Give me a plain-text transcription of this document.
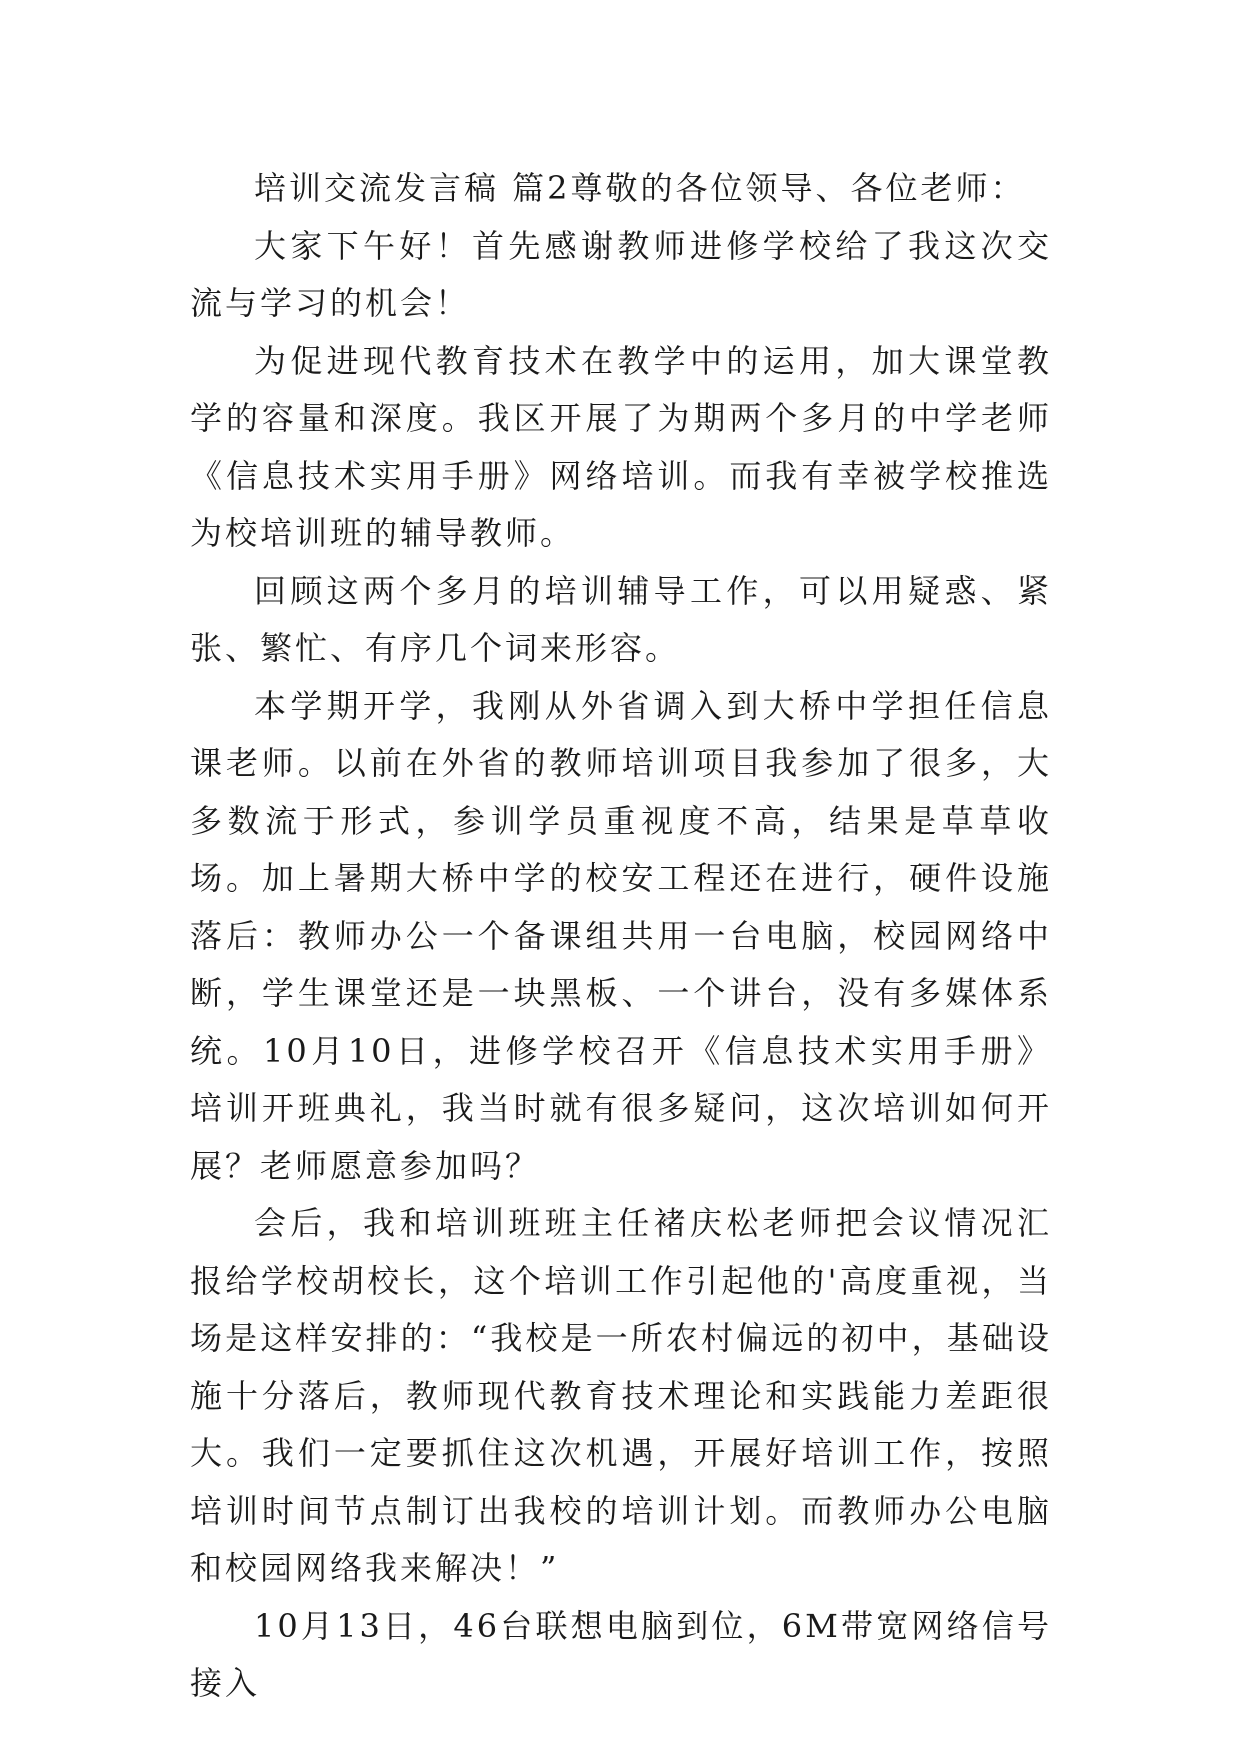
培训交流发言稿 篇2尊敬的各位领导、各位老师：

大家下午好！首先感谢教师进修学校给了我这次交流与学习的机会！

为促进现代教育技术在教学中的运用，加大课堂教学的容量和深度。我区开展了为期两个多月的中学老师《信息技术实用手册》网络培训。而我有幸被学校推选为校培训班的辅导教师。

回顾这两个多月的培训辅导工作，可以用疑惑、紧张、繁忙、有序几个词来形容。

本学期开学，我刚从外省调入到大桥中学担任信息课老师。以前在外省的教师培训项目我参加了很多，大多数流于形式，参训学员重视度不高，结果是草草收场。加上暑期大桥中学的校安工程还在进行，硬件设施落后：教师办公一个备课组共用一台电脑，校园网络中断，学生课堂还是一块黑板、一个讲台，没有多媒体系统。10月10日，进修学校召开《信息技术实用手册》培训开班典礼，我当时就有很多疑问，这次培训如何开展？老师愿意参加吗？

会后，我和培训班班主任褚庆松老师把会议情况汇报给学校胡校长，这个培训工作引起他的'高度重视，当场是这样安排的：“我校是一所农村偏远的初中，基础设施十分落后，教师现代教育技术理论和实践能力差距很大。我们一定要抓住这次机遇，开展好培训工作，按照培训时间节点制订出我校的培训计划。而教师办公电脑和校园网络我来解决！”

10月13日，46台联想电脑到位，6M带宽网络信号接入
